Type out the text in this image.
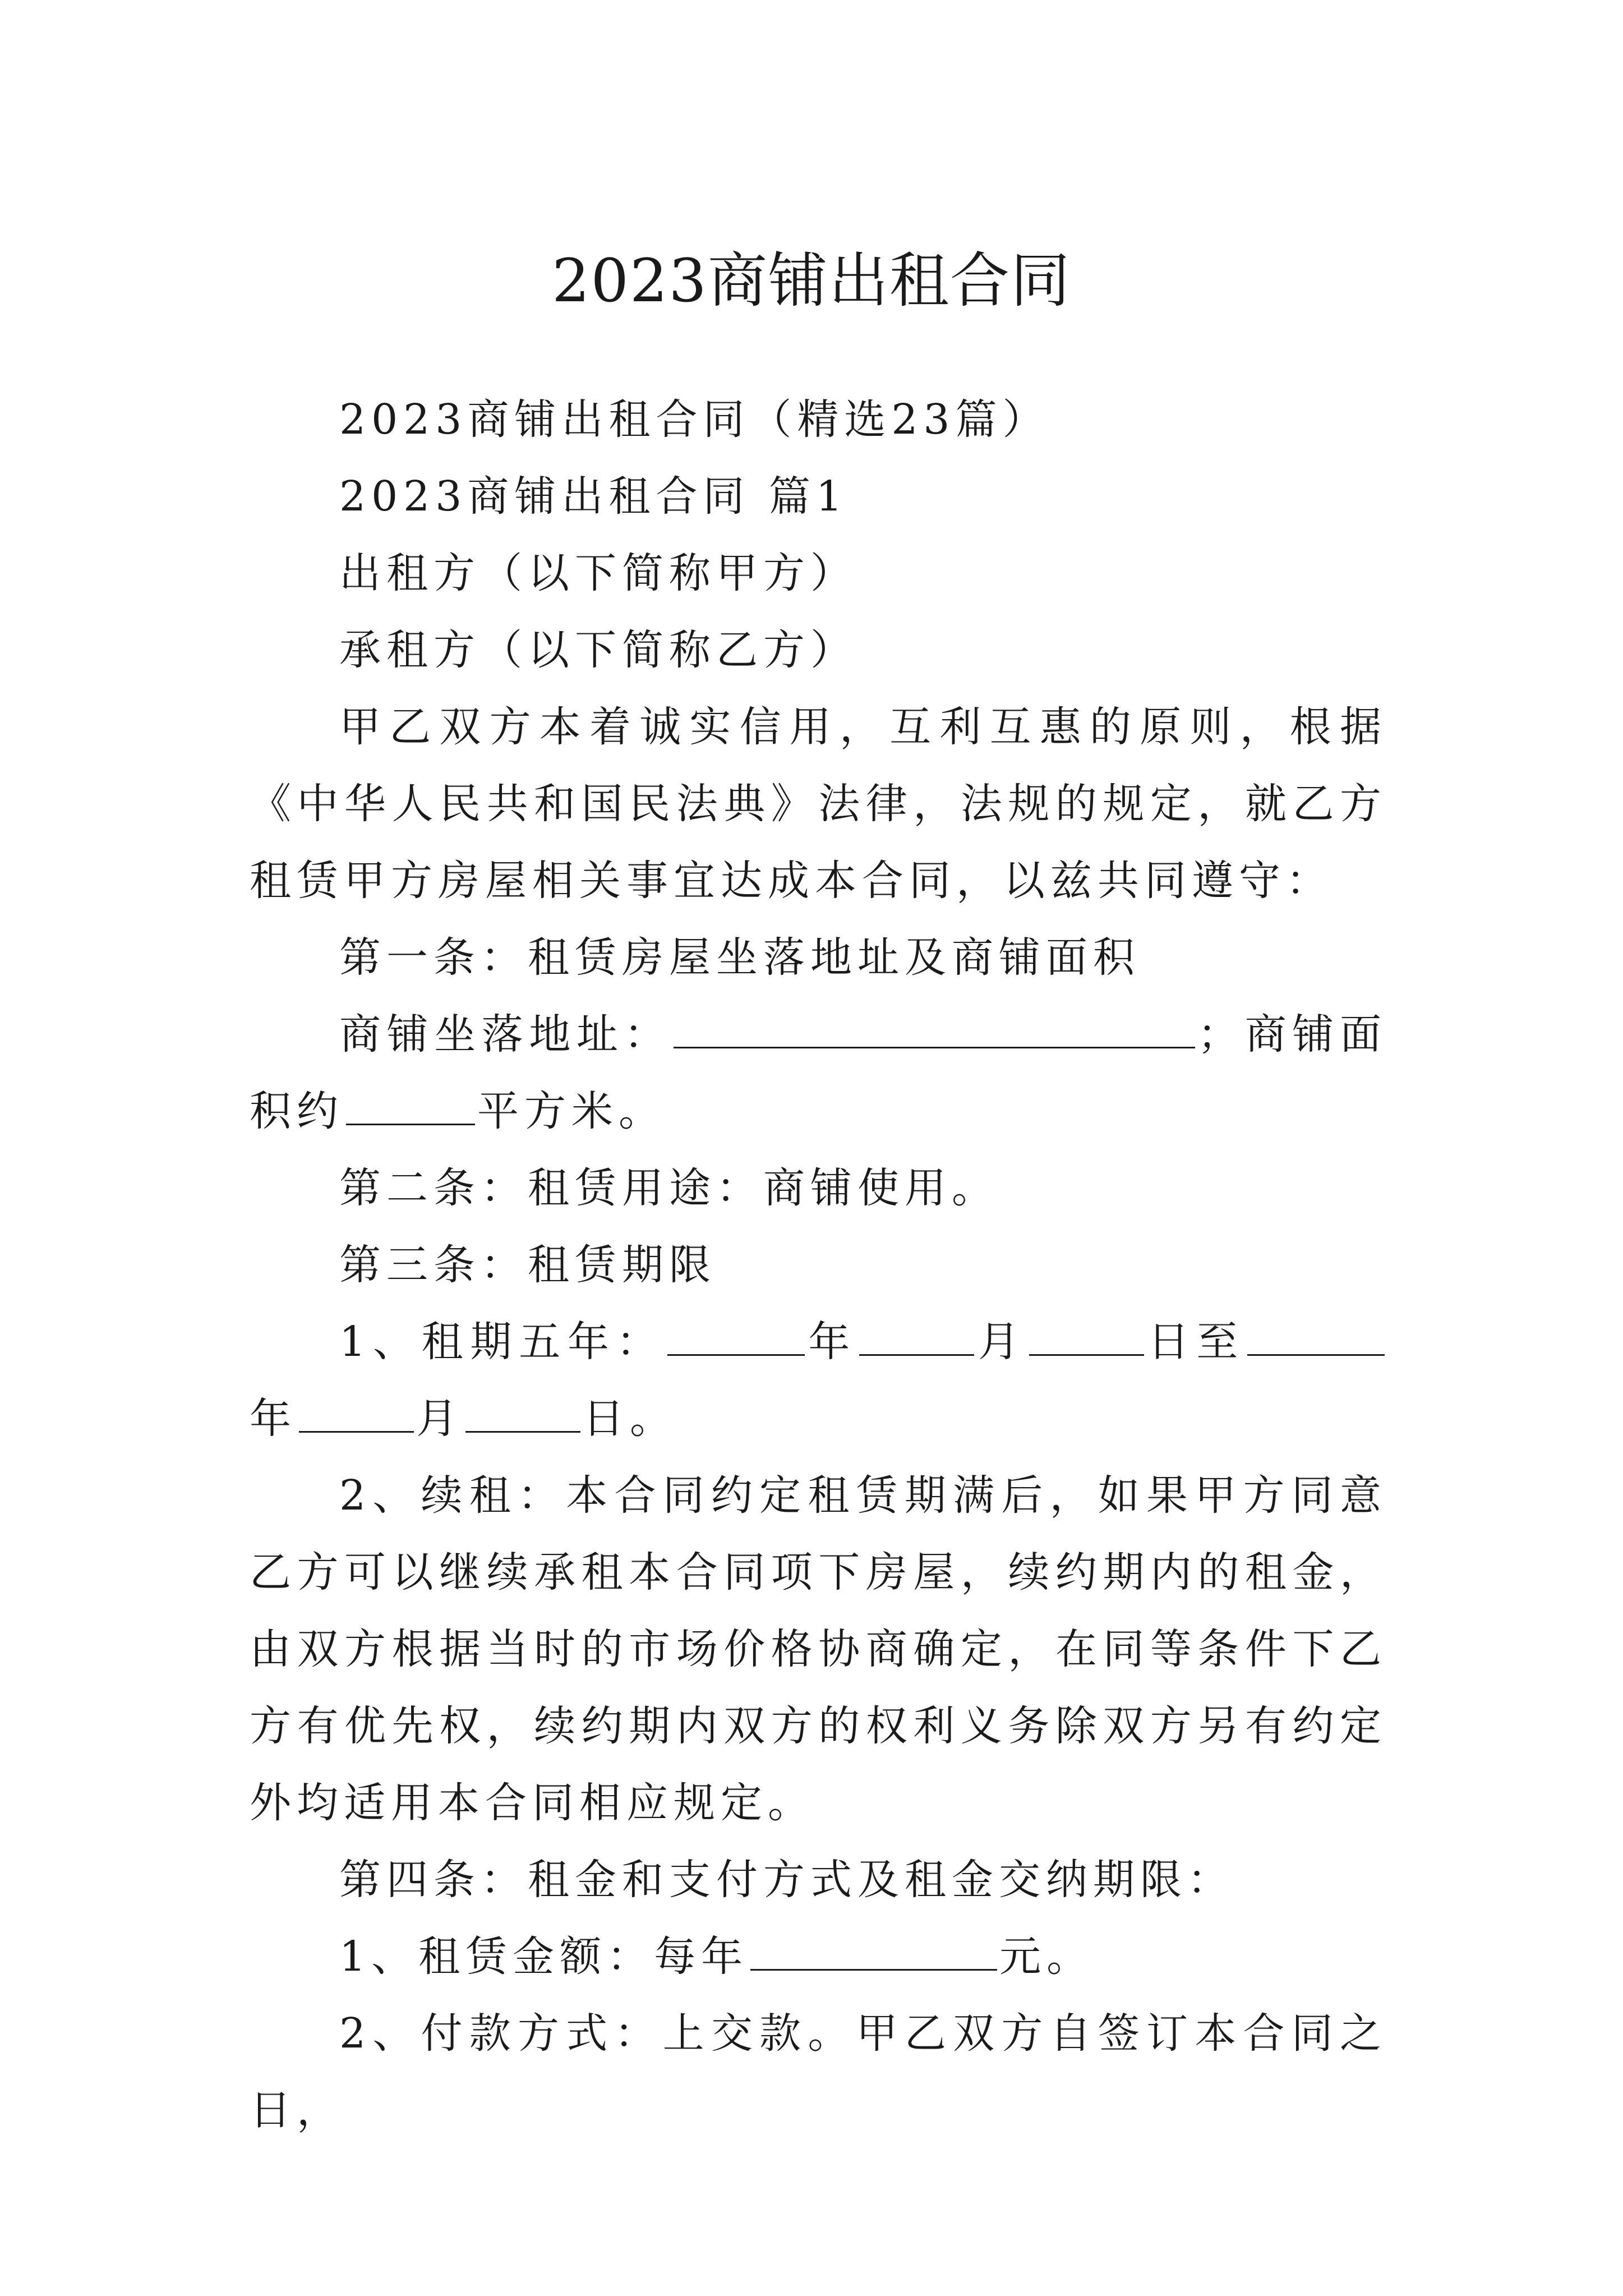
2023商铺出租合同

2023商铺出租合同（精选23篇）

2023商铺出租合同 篇1

出租方（以下简称甲方）

承租方（以下简称乙方）

甲乙双方本着诚实信用，互利互惠的原则，根据《中华人民共和国民法典》法律，法规的规定，就乙方租赁甲方房屋相关事宜达成本合同，以兹共同遵守：

第一条：租赁房屋坐落地址及商铺面积

商铺坐落地址：	；商铺面积约	平方米。

第二条：租赁用途：商铺使用。

第三条：租赁期限

1、租期五年：	年	月	日至年	月	日。

2、续租：本合同约定租赁期满后，如果甲方同意乙方可以继续承租本合同项下房屋，续约期内的租金，由双方根据当时的市场价格协商确定，在同等条件下乙方有优先权，续约期内双方的权利义务除双方另有约定外均适用本合同相应规定。

第四条：租金和支付方式及租金交纳期限：

1、租赁金额：每年	元。

2、付款方式：上交款。甲乙双方自签订本合同之日，
